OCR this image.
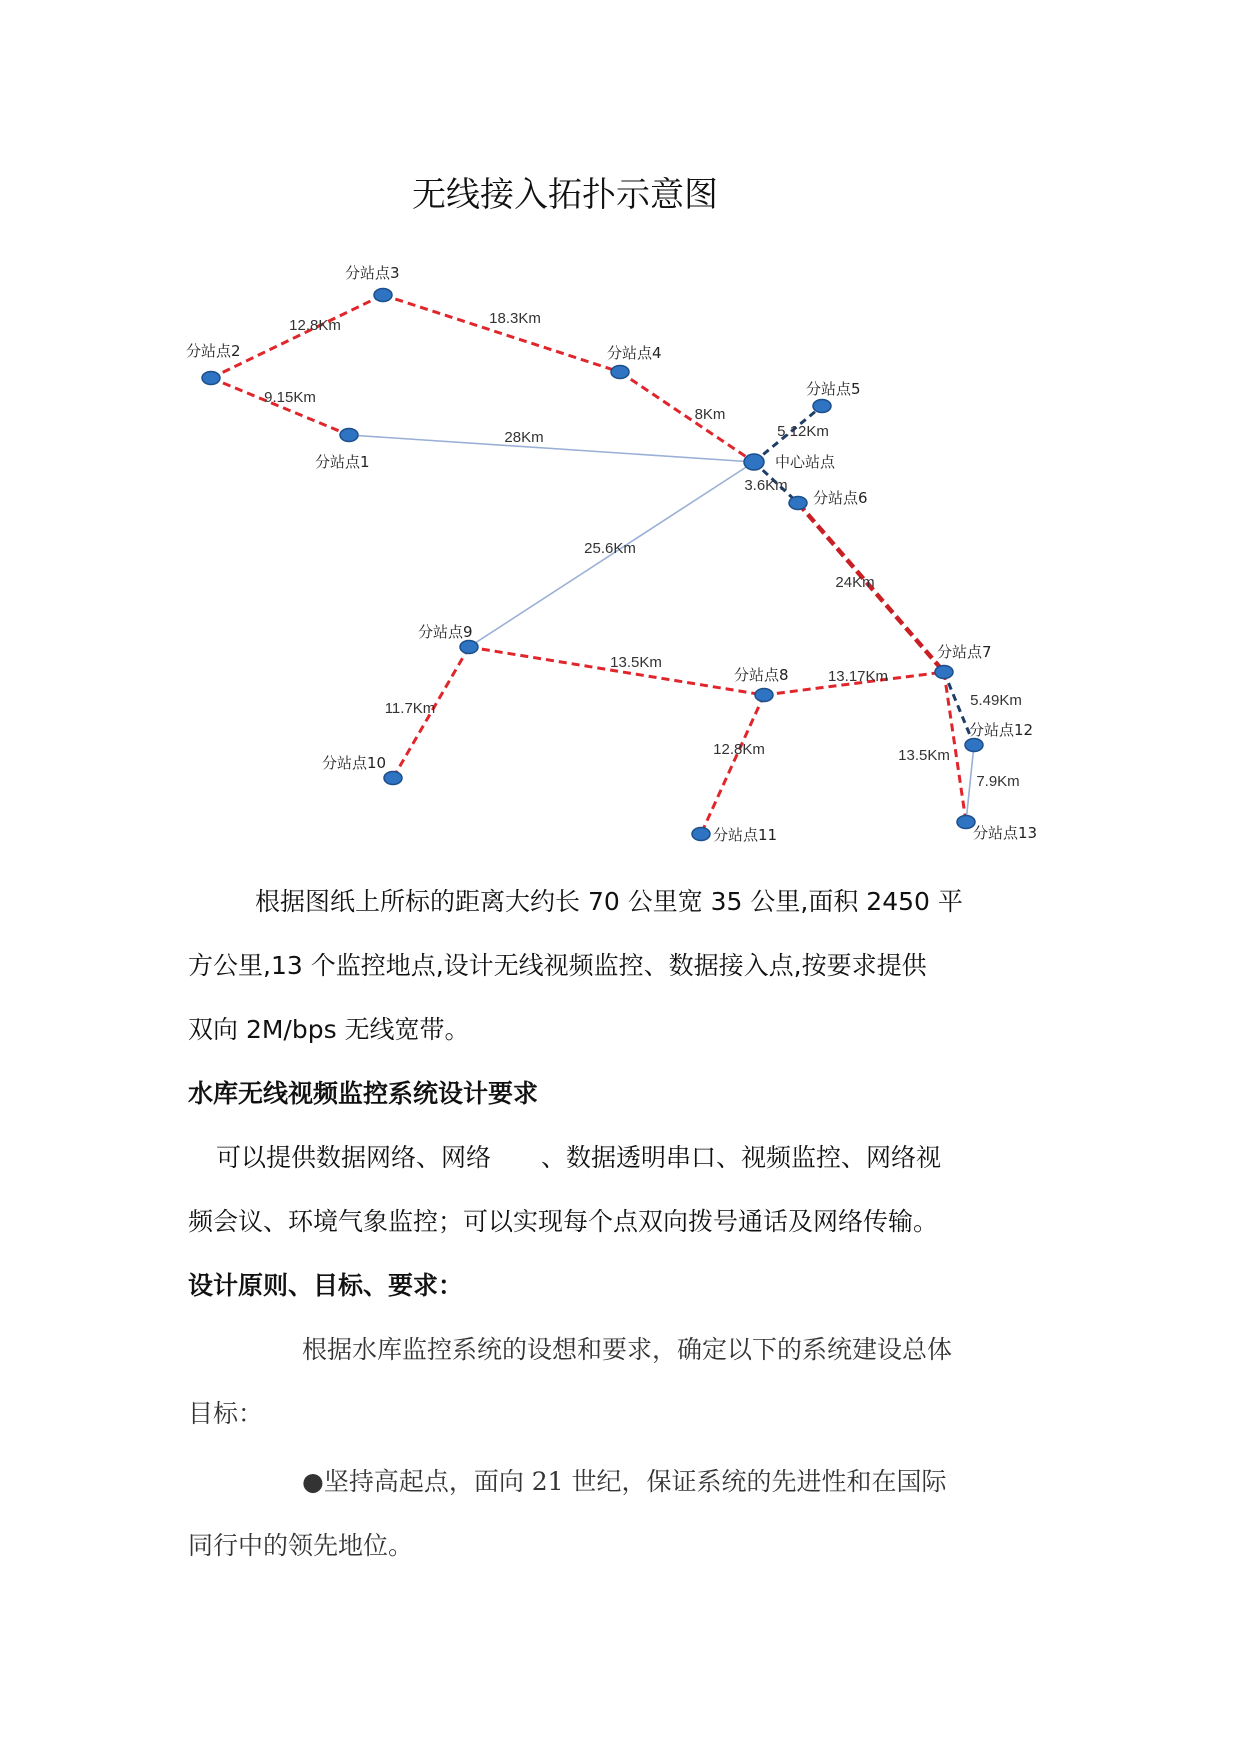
无线接入拓扑示意图
12.8Km	18.3Km
9.15Km
28Km
8Km
5.12Km
3.6Km
24Km
25.6Km
13.5Km
13.17Km
11.7Km
12.8Km
5.49Km
13.5Km
7.9Km
中心站点
分站点1
分站点2
分站点3
分站点4
分站点5
分站点6
分站点7
分站点8
分站点9
分站点10
分站点11
分站点12
分站点13

根据图纸上所标的距离大约长 70 公里宽 35 公里,面积 2450 平

方公里,13 个监控地点,设计无线视频监控、数据接入点,按要求提供

双向 2M/bps 无线宽带。

水库无线视频监控系统设计要求

可以提供数据网络、网络　　、数据透明串口、视频监控、网络视

频会议、环境气象监控；可以实现每个点双向拨号通话及网络传输。

设计原则、目标、要求：

根据水库监控系统的设想和要求，确定以下的系统建设总体

目标：

●坚持高起点，面向 21 世纪，保证系统的先进性和在国际

同行中的领先地位。
